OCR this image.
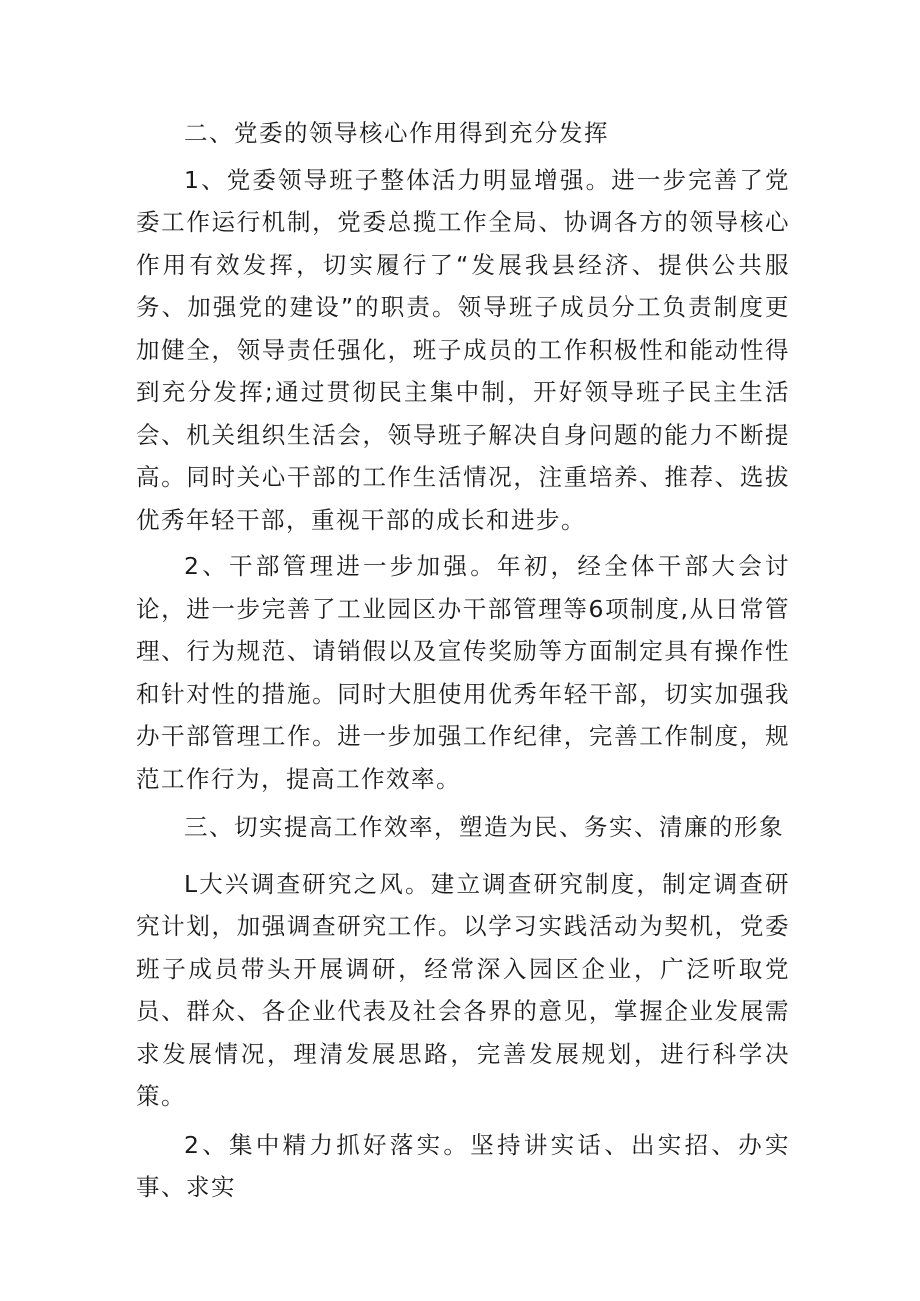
二、党委的领导核心作用得到充分发挥

1、党委领导班子整体活力明显增强。进一步完善了党委工作运行机制，党委总揽工作全局、协调各方的领导核心作用有效发挥，切实履行了“发展我县经济、提供公共服务、加强党的建设”的职责。领导班子成员分工负责制度更加健全，领导责任强化，班子成员的工作积极性和能动性得到充分发挥;通过贯彻民主集中制，开好领导班子民主生活会、机关组织生活会，领导班子解决自身问题的能力不断提高。同时关心干部的工作生活情况，注重培养、推荐、选拔优秀年轻干部，重视干部的成长和进步。

2、干部管理进一步加强。年初，经全体干部大会讨论，进一步完善了工业园区办干部管理等6项制度,从日常管理、行为规范、请销假以及宣传奖励等方面制定具有操作性和针对性的措施。同时大胆使用优秀年轻干部，切实加强我办干部管理工作。进一步加强工作纪律，完善工作制度，规范工作行为，提高工作效率。

三、切实提高工作效率，塑造为民、务实、清廉的形象

L大兴调查研究之风。建立调查研究制度，制定调查研究计划，加强调查研究工作。以学习实践活动为契机，党委班子成员带头开展调研，经常深入园区企业，广泛听取党员、群众、各企业代表及社会各界的意见，掌握企业发展需求发展情况，理清发展思路，完善发展规划，进行科学决策。

2、集中精力抓好落实。坚持讲实话、出实招、办实事、求实
